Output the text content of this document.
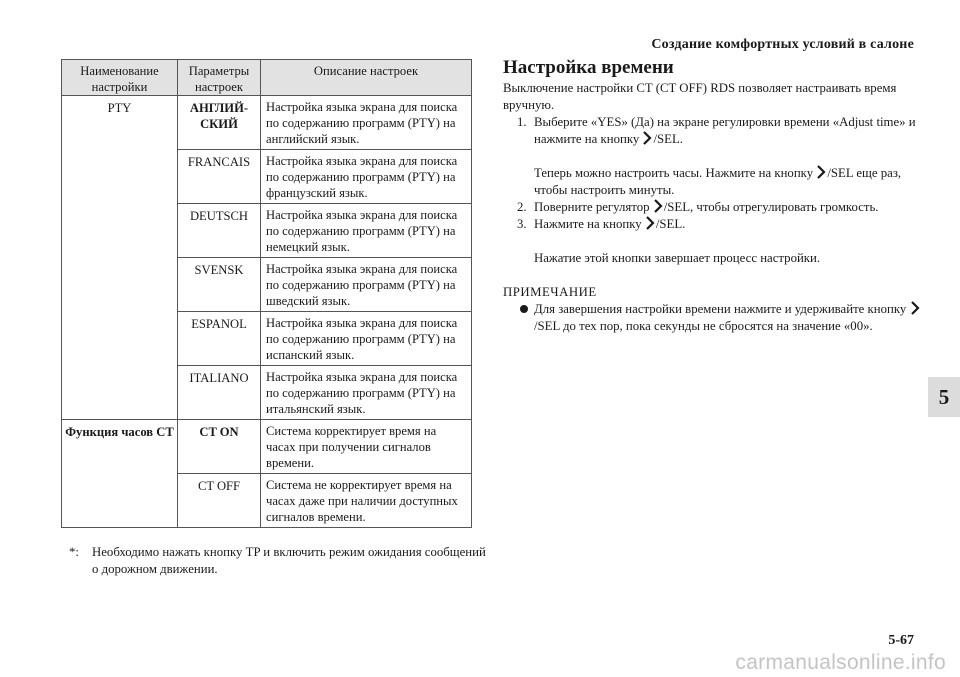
Создание комфортных условий в салоне
Наименование настройки	Параметры настроек	Описание настроек
PTY	АНГЛИЙ-СКИЙ	Настройка языка экрана для поиска по содержанию программ (PTY) на английский язык.
	FRANCAIS	Настройка языка экрана для поиска по содержанию программ (PTY) на французский язык.
	DEUTSCH	Настройка языка экрана для поиска по содержанию программ (PTY) на немецкий язык.
	SVENSK	Настройка языка экрана для поиска по содержанию программ (PTY) на шведский язык.
	ESPANOL	Настройка языка экрана для поиска по содержанию программ (PTY) на испанский язык.
	ITALIANO	Настройка языка экрана для поиска по содержанию программ (PTY) на итальянский язык.
Функция часов CT	CT ON	Система корректирует время на часах при получении сигналов времени.
	CT OFF	Система не корректирует время на часах даже при наличии доступных сигналов времени.
*: Необходимо нажать кнопку TP и включить режим ожидания сообщений о дорожном движении.
Настройка времени

Выключение настройки CT (CT OFF) RDS позволяет настраивать время вручную.

1. Выберите «YES» (Да) на экране регулировки времени «Adjust time» и нажмите на кнопку /SEL.

Теперь можно настроить часы. Нажмите на кнопку /SEL еще раз, чтобы настроить минуты.

2. Поверните регулятор /SEL, чтобы отрегулировать громкость.
3. Нажмите на кнопку /SEL.

Нажатие этой кнопки завершает процесс настройки.

ПРИМЕЧАНИЕ
Для завершения настройки времени нажмите и удерживайте кнопку /SEL до тех пор, пока секунды не сбросятся на значение «00».
5
5-67
carmanualsonline.info
